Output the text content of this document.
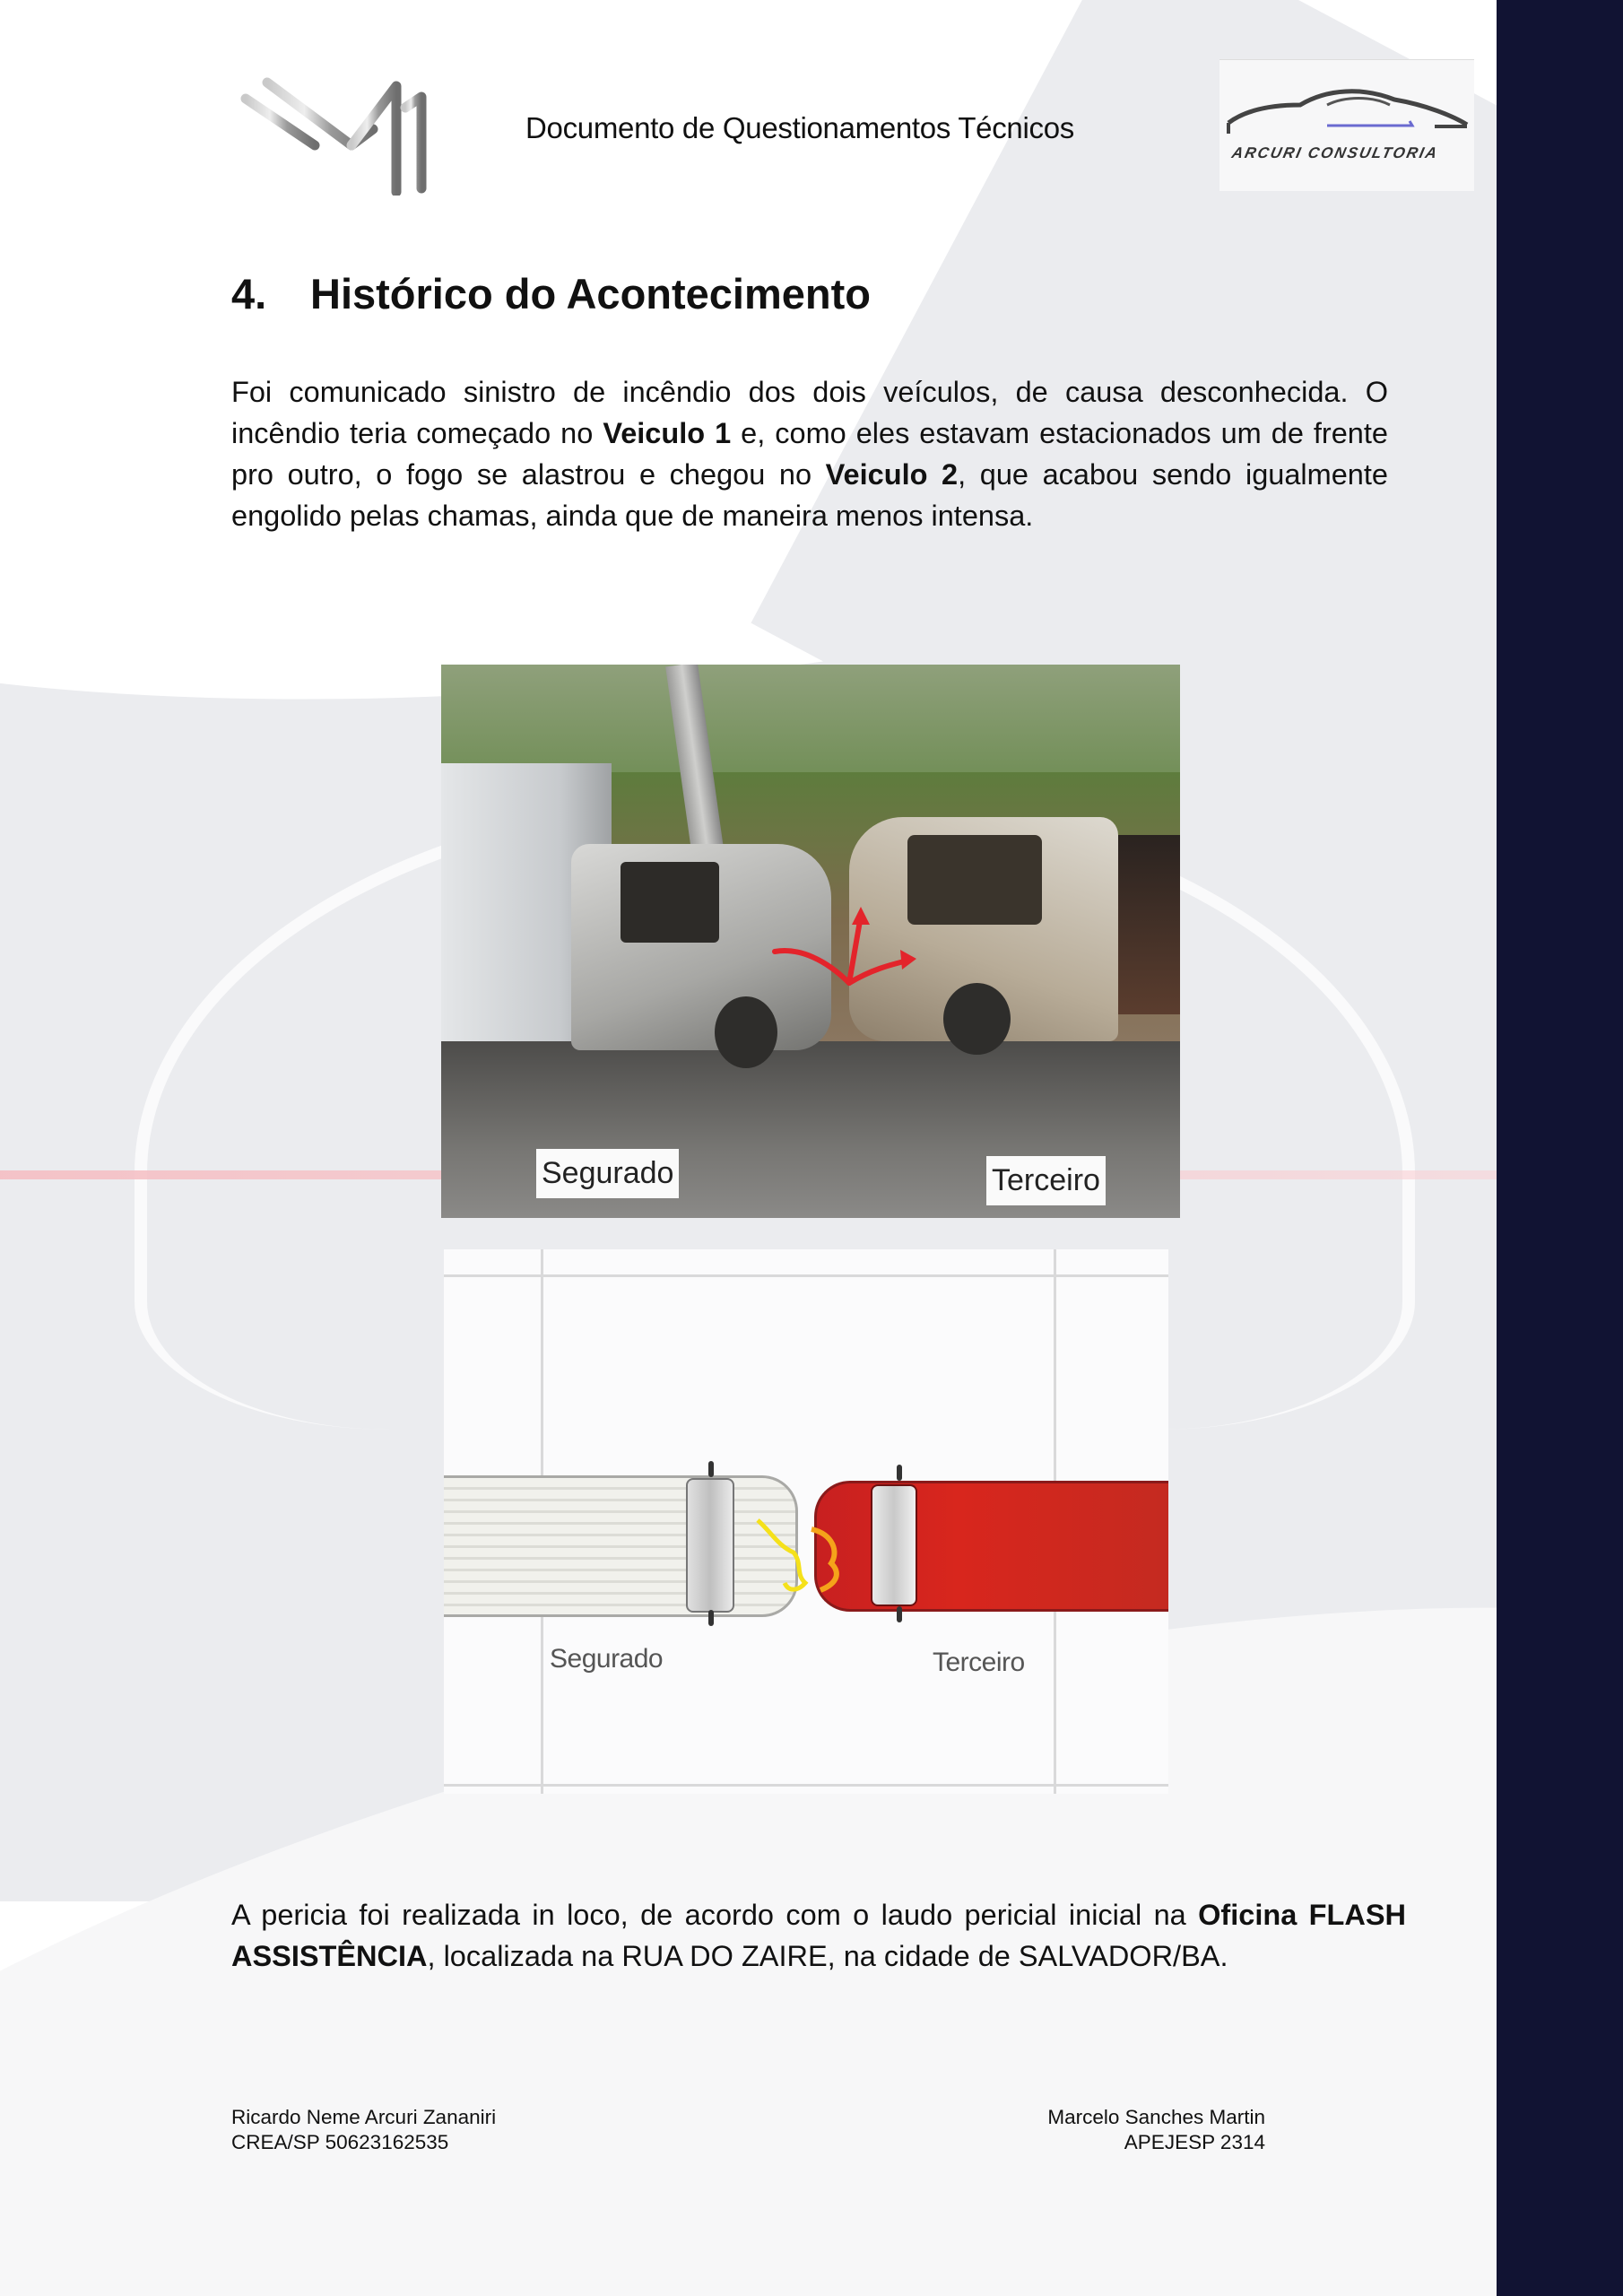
Documento de Questionamentos Técnicos
ARCURI CONSULTORIA
4. Histórico do Acontecimento
Foi comunicado sinistro de incêndio dos dois veículos, de causa desconhecida. O incêndio teria começado no Veiculo 1 e, como eles estavam estacionados um de frente pro outro, o fogo se alastrou e chegou no Veiculo 2, que acabou sendo igualmente engolido pelas chamas, ainda que de maneira menos intensa.
Segurado	Terceiro
Segurado	Terceiro
A pericia foi realizada in loco, de acordo com o laudo pericial inicial na Oficina FLASH ASSISTÊNCIA, localizada na RUA DO ZAIRE, na cidade de SALVADOR/BA.
Ricardo Neme Arcuri Zananiri
CREA/SP 50623162535
Marcelo Sanches Martin
APEJESP 2314
